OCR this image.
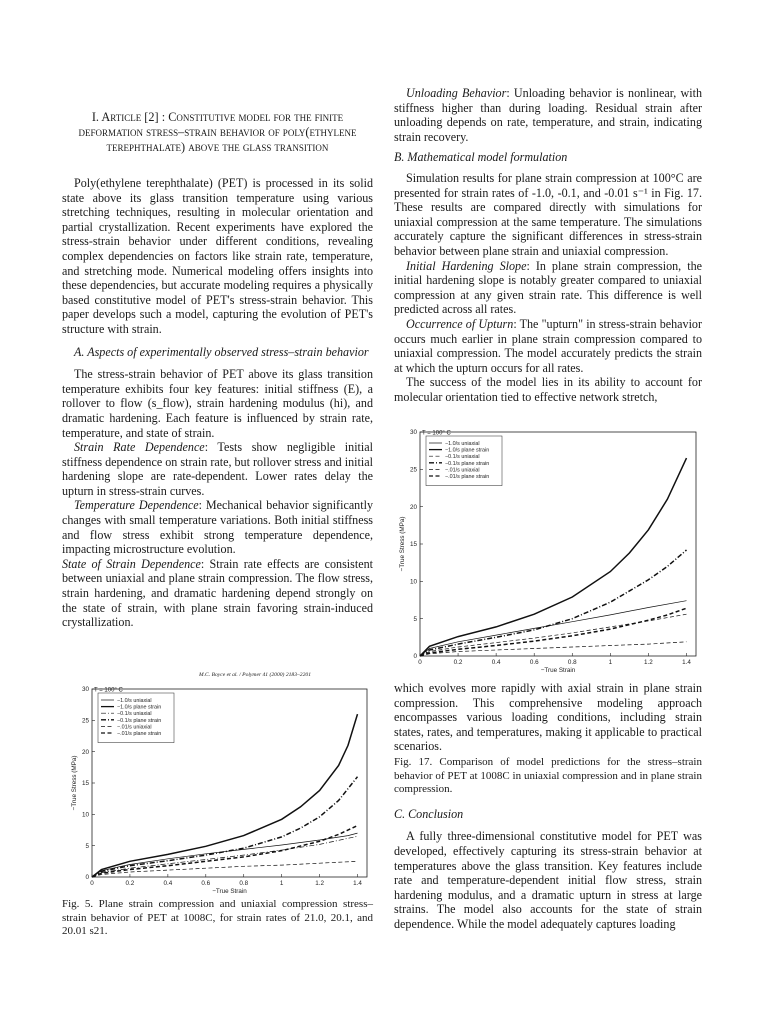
I. Article [2] : Constitutive model for the finite deformation stress–strain behavior of poly(ethylene terephthalate) above the glass transition

Poly(ethylene terephthalate) (PET) is processed in its solid state above its glass transition temperature using various stretching techniques, resulting in molecular orientation and partial crystallization. Recent experiments have explored the stress-strain behavior under different conditions, revealing complex dependencies on factors like strain rate, temperature, and stretching mode. Numerical modeling offers insights into these dependencies, but accurate modeling requires a physically based constitutive model of PET's stress-strain behavior. This paper develops such a model, capturing the evolution of PET's structure with strain.

A. Aspects of experimentally observed stress–strain behavior

The stress-strain behavior of PET above its glass transition temperature exhibits four key features: initial stiffness (E), a rollover to flow (s_flow), strain hardening modulus (hi), and dramatic hardening. Each feature is influenced by strain rate, temperature, and state of strain.

Strain Rate Dependence: Tests show negligible initial stiffness dependence on strain rate, but rollover stress and initial hardening slope are rate-dependent. Lower rates delay the upturn in stress-strain curves.

Temperature Dependence: Mechanical behavior significantly changes with small temperature variations. Both initial stiffness and flow stress exhibit strong temperature dependence, impacting microstructure evolution.

State of Strain Dependence: Strain rate effects are consistent between uniaxial and plane strain compression. The flow stress, strain hardening, and dramatic hardening depend strongly on the state of strain, with plane strain favoring strain-induced crystallization.

M.C. Boyce et al. / Polymer 41 (2000) 2183–2201
0	0.2	0.4	0.6	0.8	1	1.2	1.4
0
5
10
15
20
25
30
−True Strain
−True Stress (MPa)
T = 100° C
−1.0/s uniaxial
−1.0/s plane strain
−0.1/s uniaxial
−0.1/s plane strain
−.01/s uniaxial
−.01/s plane strain

Fig. 5. Plane strain compression and uniaxial compression stress–strain behavior of PET at 1008C, for strain rates of 21.0, 20.1, and 20.01 s21.

Unloading Behavior: Unloading behavior is nonlinear, with stiffness higher than during loading. Residual strain after unloading depends on rate, temperature, and strain, indicating strain recovery.

B. Mathematical model formulation

Simulation results for plane strain compression at 100°C are presented for strain rates of -1.0, -0.1, and -0.01 s⁻¹ in Fig. 17. These results are compared directly with simulations for uniaxial compression at the same temperature. The simulations accurately capture the significant differences in stress-strain behavior between plane strain and uniaxial compression.

Initial Hardening Slope: In plane strain compression, the initial hardening slope is notably greater compared to uniaxial compression at any given strain rate. This difference is well predicted across all rates.

Occurrence of Upturn: The "upturn" in stress-strain behavior occurs much earlier in plane strain compression compared to uniaxial compression. The model accurately predicts the strain at which the upturn occurs for all rates.

The success of the model lies in its ability to account for molecular orientation tied to effective network stretch,

0	0.2	0.4	0.6	0.8	1	1.2	1.4
0
5
10
15
20
25
30
−True Strain
−True Stress (MPa)
T = 100° C
−1.0/s uniaxial
−1.0/s plane strain
−0.1/s uniaxial
−0.1/s plane strain
−.01/s uniaxial
−.01/s plane strain

which evolves more rapidly with axial strain in plane strain compression. This comprehensive modeling approach encompasses various loading conditions, including strain states, rates, and temperatures, making it applicable to practical scenarios.

Fig. 17. Comparison of model predictions for the stress–strain behavior of PET at 1008C in uniaxial compression and in plane strain compression.

C. Conclusion

A fully three-dimensional constitutive model for PET was developed, effectively capturing its stress-strain behavior at temperatures above the glass transition. Key features include rate and temperature-dependent initial flow stress, strain hardening modulus, and a dramatic upturn in stress at large strains. The model also accounts for the state of strain dependence. While the model adequately captures loading
